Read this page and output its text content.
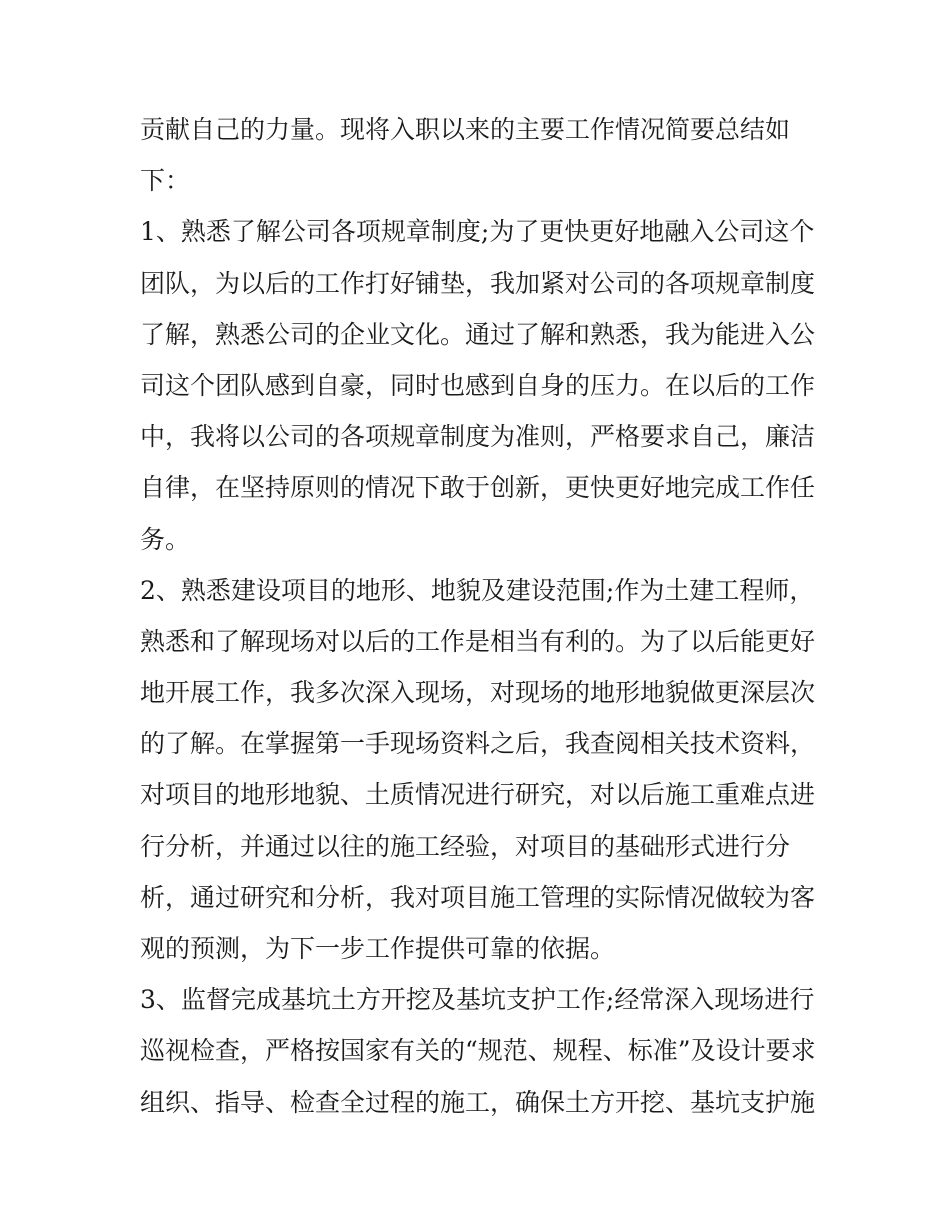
贡献自己的力量。现将入职以来的主要工作情况简要总结如
下：
1、熟悉了解公司各项规章制度;为了更快更好地融入公司这个
团队，为以后的工作打好铺垫，我加紧对公司的各项规章制度
了解，熟悉公司的企业文化。通过了解和熟悉，我为能进入公
司这个团队感到自豪，同时也感到自身的压力。在以后的工作
中，我将以公司的各项规章制度为准则，严格要求自己，廉洁
自律，在坚持原则的情况下敢于创新，更快更好地完成工作任
务。
2、熟悉建设项目的地形、地貌及建设范围;作为土建工程师，
熟悉和了解现场对以后的工作是相当有利的。为了以后能更好
地开展工作，我多次深入现场，对现场的地形地貌做更深层次
的了解。在掌握第一手现场资料之后，我查阅相关技术资料，
对项目的地形地貌、土质情况进行研究，对以后施工重难点进
行分析，并通过以往的施工经验，对项目的基础形式进行分
析，通过研究和分析，我对项目施工管理的实际情况做较为客
观的预测，为下一步工作提供可靠的依据。
3、监督完成基坑土方开挖及基坑支护工作;经常深入现场进行
巡视检查，严格按国家有关的“规范、规程、标准”及设计要求
组织、指导、检查全过程的施工，确保土方开挖、基坑支护施
